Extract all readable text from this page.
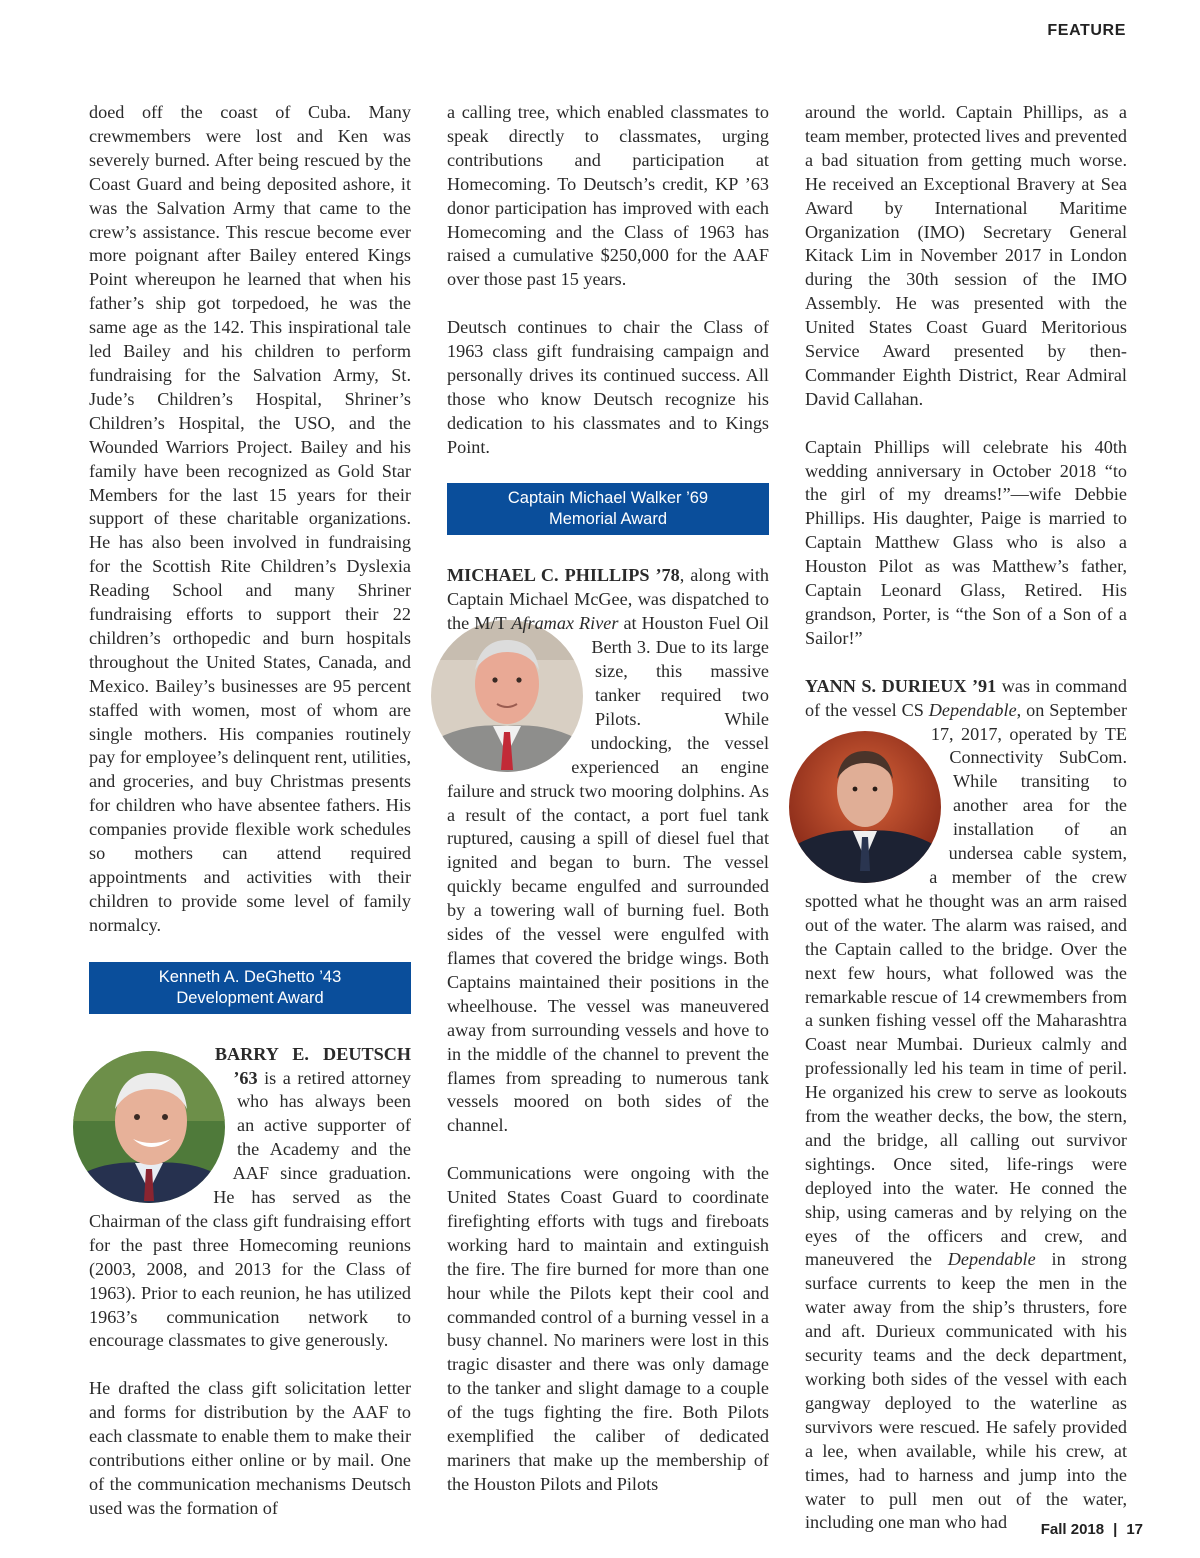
FEATURE

doed off the coast of Cuba. Many crewmembers were lost and Ken was severely burned. After being rescued by the Coast Guard and being deposited ashore, it was the Salvation Army that came to the crew’s assistance. This rescue become ever more poignant after Bailey entered Kings Point whereupon he learned that when his father’s ship got torpedoed, he was the same age as the 142. This inspirational tale led Bailey and his children to perform fundraising for the Salvation Army, St. Jude’s Children’s Hospital, Shriner’s Children’s Hospital, the USO, and the Wounded Warriors Project. Bailey and his family have been recognized as Gold Star Members for the last 15 years for their support of these charitable organizations. He has also been involved in fundraising for the Scottish Rite Children’s Dyslexia Reading School and many Shriner fundraising efforts to support their 22 children’s orthopedic and burn hospitals throughout the United States, Canada, and Mexico. Bailey’s businesses are 95 percent staffed with women, most of whom are single mothers. His companies routinely pay for employee’s delinquent rent, utilities, and groceries, and buy Christmas presents for children who have absentee fathers. His companies provide flexible work schedules so mothers can attend required appointments and activities with their children to provide some level of family normalcy.

Kenneth A. DeGhetto ’43
Development Award

BARRY E. DEUTSCH ’63 is a retired attorney who has always been an active supporter of the Academy and the AAF since graduation. He has served as the Chairman of the class gift fundraising effort for the past three Homecoming reunions (2003, 2008, and 2013 for the Class of 1963). Prior to each reunion, he has utilized 1963’s communication network to encourage classmates to give generously.

He drafted the class gift solicitation letter and forms for distribution by the AAF to each classmate to enable them to make their contributions either online or by mail. One of the communication mechanisms Deutsch used was the formation of

a calling tree, which enabled classmates to speak directly to classmates, urging contributions and participation at Homecoming. To Deutsch’s credit, KP ’63 donor participation has improved with each Homecoming and the Class of 1963 has raised a cumulative $250,000 for the AAF over those past 15 years.

Deutsch continues to chair the Class of 1963 class gift fundraising campaign and personally drives its continued success. All those who know Deutsch recognize his dedication to his classmates and to Kings Point.

Captain Michael Walker ’69
Memorial Award

MICHAEL C. PHILLIPS ’78, along with Captain Michael McGee, was dispatched to the M/T
Aframax River at Houston Fuel Oil Berth 3. Due to its large size, this massive tanker required two Pilots. While undocking, the vessel experienced an engine failure and struck two mooring dolphins. As a result of the contact, a port fuel tank ruptured, causing a spill of diesel fuel that ignited and began to burn. The vessel quickly became engulfed and surrounded by a towering wall of burning fuel. Both sides of the vessel were engulfed with flames that covered the bridge wings. Both Captains maintained their positions in the wheelhouse. The vessel was maneuvered away from surrounding vessels and hove to in the middle of the channel to prevent the flames from spreading to numerous tank vessels moored on both sides of the channel.

Communications were ongoing with the United States Coast Guard to coordinate firefighting efforts with tugs and fireboats working hard to maintain and extinguish the fire. The fire burned for more than one hour while the Pilots kept their cool and commanded control of a burning vessel in a busy channel. No mariners were lost in this tragic disaster and there was only damage to the tanker and slight damage to a couple of the tugs fighting the fire. Both Pilots exemplified the caliber of dedicated mariners that make up the membership of the Houston Pilots and Pilots

around the world. Captain Phillips, as a team member, protected lives and prevented a bad situation from getting much worse. He received an Exceptional Bravery at Sea Award by International Maritime Organization (IMO) Secretary General Kitack Lim in November 2017 in London during the 30th session of the IMO Assembly. He was presented with the United States Coast Guard Meritorious Service Award presented by then-Commander Eighth District, Rear Admiral David Callahan.

Captain Phillips will celebrate his 40th wedding anniversary in October 2018 “to the girl of my dreams!”—wife Debbie Phillips. His daughter, Paige is married to Captain Matthew Glass who is also a Houston Pilot as was Matthew’s father, Captain Leonard Glass, Retired. His grandson, Porter, is “the Son of a Son of a Sailor!”

YANN S. DURIEUX ’91 was in command of the vessel CS Dependable
, on September 17, 2017, operated by TE Connectivity SubCom. While transiting to another area for the installation of an undersea cable system, a member of the crew spotted what he thought was an arm raised out of the water. The alarm was raised, and the Captain called to the bridge. Over the next few hours, what followed was the remarkable rescue of 14 crewmembers from a sunken fishing vessel off the Maharashtra Coast near Mumbai. Durieux calmly and professionally led his team in time of peril. He organized his crew to serve as lookouts from the weather decks, the bow, the stern, and the bridge, all calling out survivor sightings. Once sited, life-rings were deployed into the water. He conned the ship, using cameras and by relying on the eyes of the officers and crew, and maneuvered the Dependable in strong surface currents to keep the men in the water away from the ship’s thrusters, fore and aft. Durieux communicated with his security teams and the deck department, working both sides of the vessel with each gangway deployed to the waterline as survivors were rescued. He safely provided a lee, when available, while his crew, at times, had to harness and jump into the water to pull men out of the water, including one man who had	Fall 2018 | 17
